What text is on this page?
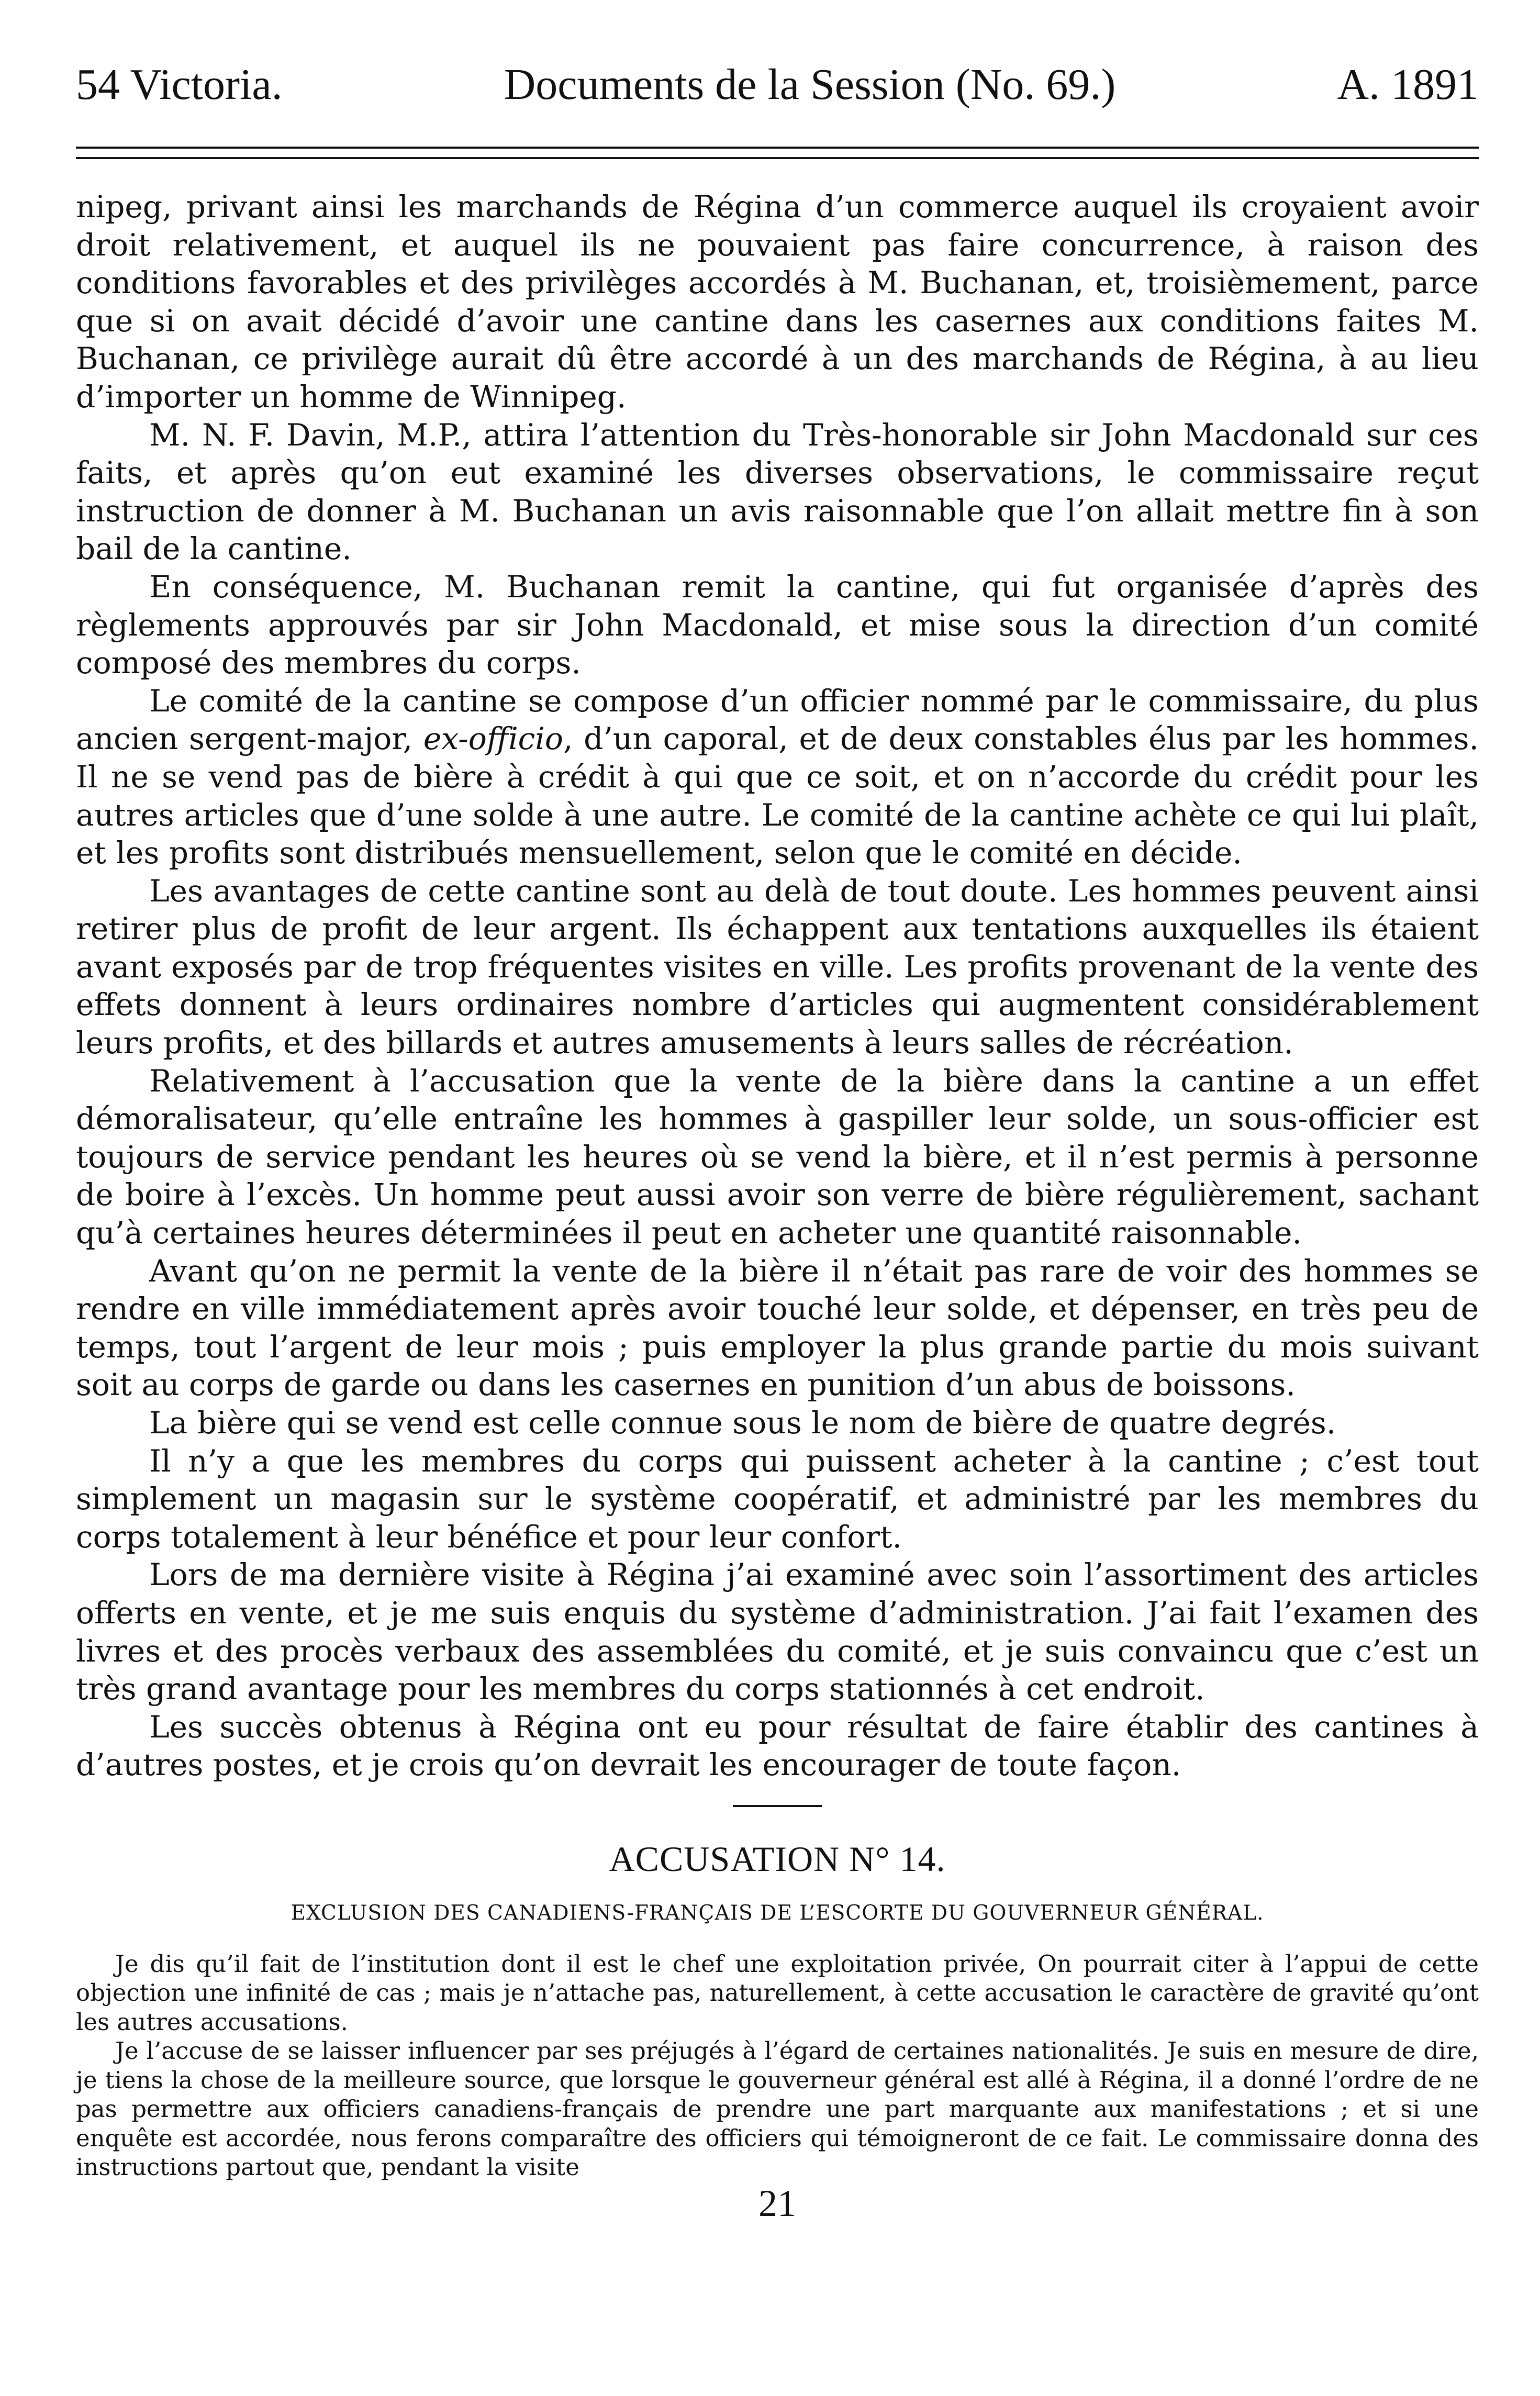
54 Victoria.	Documents de la Session (No. 69.)	A. 1891

nipeg, privant ainsi les marchands de Régina d’un commerce auquel ils croyaient avoir droit relativement, et auquel ils ne pouvaient pas faire concurrence, à raison des conditions favorables et des privilèges accordés à M. Buchanan, et, troisièmement, parce que si on avait décidé d’avoir une cantine dans les casernes aux conditions faites M. Buchanan, ce privilège aurait dû être accordé à un des marchands de Régina, à au lieu d’importer un homme de Winnipeg.

M. N. F. Davin, M.P., attira l’attention du Très-honorable sir John Macdonald sur ces faits, et après qu’on eut examiné les diverses observations, le commissaire reçut instruction de donner à M. Buchanan un avis raisonnable que l’on allait mettre fin à son bail de la cantine.

En conséquence, M. Buchanan remit la cantine, qui fut organisée d’après des règlements approuvés par sir John Macdonald, et mise sous la direction d’un comité composé des membres du corps.

Le comité de la cantine se compose d’un officier nommé par le commissaire, du plus ancien sergent-major, ex-officio, d’un caporal, et de deux constables élus par les hommes. Il ne se vend pas de bière à crédit à qui que ce soit, et on n’accorde du crédit pour les autres articles que d’une solde à une autre. Le comité de la cantine achète ce qui lui plaît, et les profits sont distribués mensuellement, selon que le comité en décide.

Les avantages de cette cantine sont au delà de tout doute. Les hommes peuvent ainsi retirer plus de profit de leur argent. Ils échappent aux tentations auxquelles ils étaient avant exposés par de trop fréquentes visites en ville. Les profits provenant de la vente des effets donnent à leurs ordinaires nombre d’articles qui augmentent considérablement leurs profits, et des billards et autres amusements à leurs salles de récréation.

Relativement à l’accusation que la vente de la bière dans la cantine a un effet démoralisateur, qu’elle entraîne les hommes à gaspiller leur solde, un sous-officier est toujours de service pendant les heures où se vend la bière, et il n’est permis à personne de boire à l’excès. Un homme peut aussi avoir son verre de bière régulièrement, sachant qu’à certaines heures déterminées il peut en acheter une quantité raisonnable.

Avant qu’on ne permit la vente de la bière il n’était pas rare de voir des hommes se rendre en ville immédiatement après avoir touché leur solde, et dépenser, en très peu de temps, tout l’argent de leur mois ; puis employer la plus grande partie du mois suivant soit au corps de garde ou dans les casernes en punition d’un abus de boissons.

La bière qui se vend est celle connue sous le nom de bière de quatre degrés.

Il n’y a que les membres du corps qui puissent acheter à la cantine ; c’est tout simplement un magasin sur le système coopératif, et administré par les membres du corps totalement à leur bénéfice et pour leur confort.

Lors de ma dernière visite à Régina j’ai examiné avec soin l’assortiment des articles offerts en vente, et je me suis enquis du système d’administration. J’ai fait l’examen des livres et des procès verbaux des assemblées du comité, et je suis convaincu que c’est un très grand avantage pour les membres du corps stationnés à cet endroit.

Les succès obtenus à Régina ont eu pour résultat de faire établir des cantines à d’autres postes, et je crois qu’on devrait les encourager de toute façon.

ACCUSATION N° 14.
EXCLUSION DES CANADIENS-FRANÇAIS DE L’ESCORTE DU GOUVERNEUR GÉNÉRAL.

Je dis qu’il fait de l’institution dont il est le chef une exploitation privée, On pourrait citer à l’appui de cette objection une infinité de cas ; mais je n’attache pas, naturellement, à cette accusation le caractère de gravité qu’ont les autres accusations.

Je l’accuse de se laisser influencer par ses préjugés à l’égard de certaines nationalités. Je suis en mesure de dire, je tiens la chose de la meilleure source, que lorsque le gouverneur général est allé à Régina, il a donné l’ordre de ne pas permettre aux officiers canadiens-français de prendre une part marquante aux manifestations ; et si une enquête est accordée, nous ferons comparaître des officiers qui témoigneront de ce fait. Le commissaire donna des instructions partout que, pendant la visite

21
